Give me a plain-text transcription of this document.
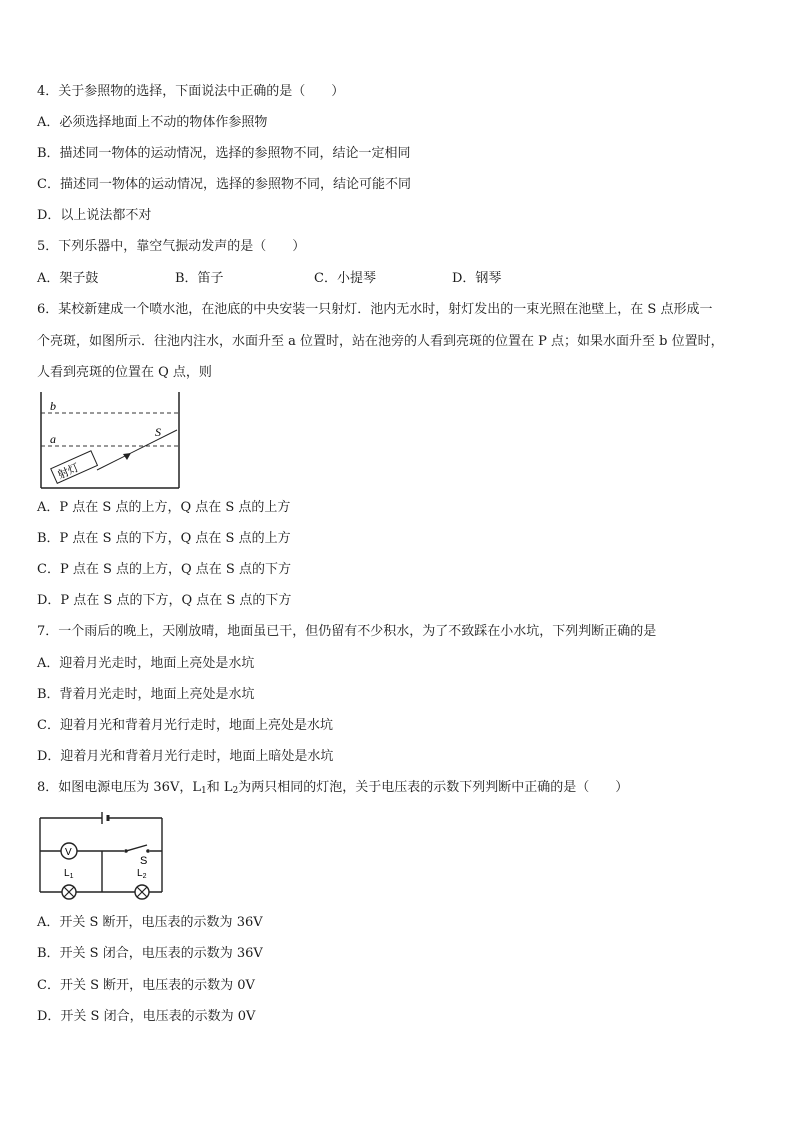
4．关于参照物的选择，下面说法中正确的是（　　）
A．必须选择地面上不动的物体作参照物
B．描述同一物体的运动情况，选择的参照物不同，结论一定相同
C．描述同一物体的运动情况，选择的参照物不同，结论可能不同
D．以上说法都不对
5．下列乐器中，靠空气振动发声的是（　　）
A．架子鼓	B．笛子	C．小提琴	D．钢琴
6．某校新建成一个喷水池，在池底的中央安装一只射灯．池内无水时，射灯发出的一束光照在池壁上，在 S 点形成一
个亮斑，如图所示．往池内注水，水面升至 a 位置时，站在池旁的人看到亮斑的位置在 P 点；如果水面升至 b 位置时，
人看到亮斑的位置在 Q 点，则
b
a	S
射灯
A．P 点在 S 点的上方，Q 点在 S 点的上方
B．P 点在 S 点的下方，Q 点在 S 点的上方
C．P 点在 S 点的上方，Q 点在 S 点的下方
D．P 点在 S 点的下方，Q 点在 S 点的下方
7．一个雨后的晚上，天刚放晴，地面虽已干，但仍留有不少积水，为了不致踩在小水坑，下列判断正确的是
A．迎着月光走时，地面上亮处是水坑
B．背着月光走时，地面上亮处是水坑
C．迎着月光和背着月光行走时，地面上亮处是水坑
D．迎着月光和背着月光行走时，地面上暗处是水坑
8．如图电源电压为 36V，$L_1$和 $L_2$为两只相同的灯泡，关于电压表的示数下列判断中正确的是（　　）
V
S
$L_1$	$L_2$
A．开关 S 断开，电压表的示数为 36V
B．开关 S 闭合，电压表的示数为 36V
C．开关 S 断开，电压表的示数为 0V
D．开关 S 闭合，电压表的示数为 0V
